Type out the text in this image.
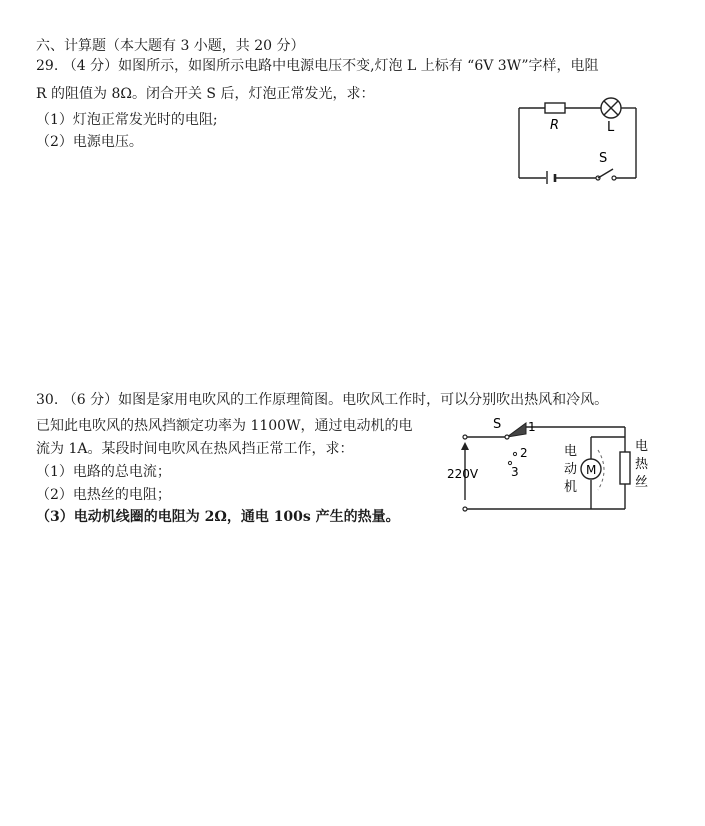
六、计算题（本大题有 3 小题，共 20 分）
29. （4 分）如图所示，如图所示电路中电源电压不变,灯泡 L 上标有 “6V 3W”字样，电阻
R 的阻值为 8Ω。闭合开关 S 后，灯泡正常发光，求：
（1）灯泡正常发光时的电阻;
（2）电源电压。
R	L
S
30. （6 分）如图是家用电吹风的工作原理简图。电吹风工作时，可以分别吹出热风和冷风。
已知此电吹风的热风挡额定功率为 1100W，通过电动机的电
流为 1A。某段时间电吹风在热风挡正常工作，求：
（1）电路的总电流；
（2）电热丝的电阻；
（3）电动机线圈的电阻为 2Ω，通电 100s 产生的热量。
M
S 1
2
3
220V
电
动
机
电
热
丝
